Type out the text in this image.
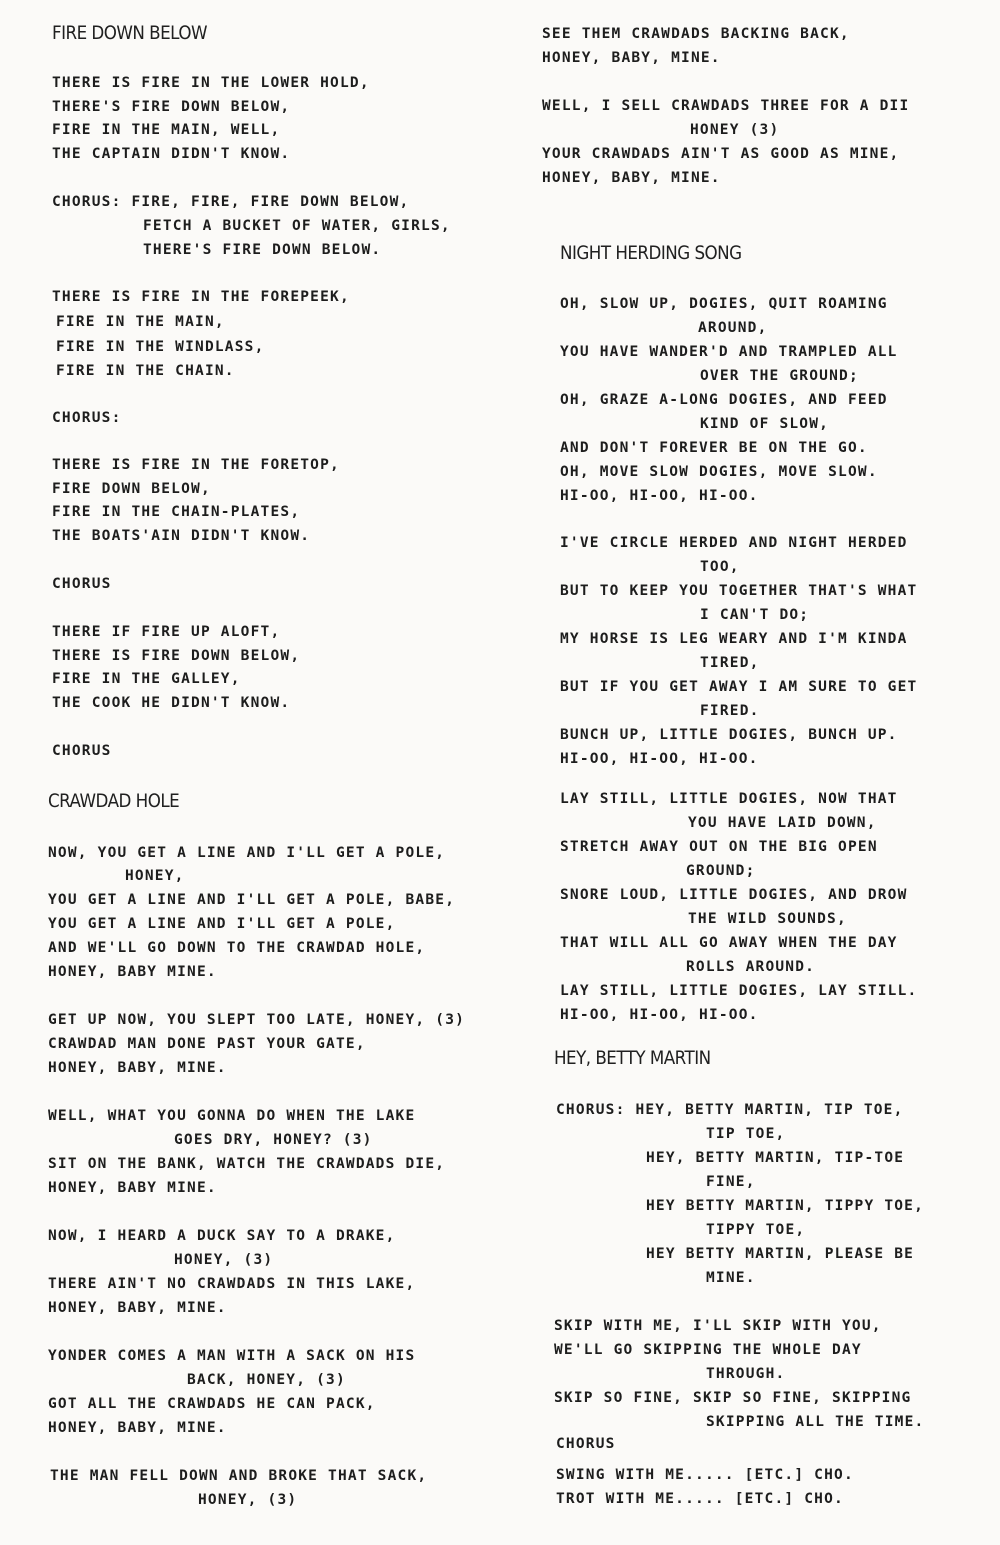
FIRE DOWN BELOW
THERE IS FIRE IN THE LOWER HOLD,
THERE'S FIRE DOWN BELOW,
FIRE IN THE MAIN, WELL,
THE CAPTAIN DIDN'T KNOW.
CHORUS: FIRE, FIRE, FIRE DOWN BELOW,
FETCH A BUCKET OF WATER, GIRLS,
THERE'S FIRE DOWN BELOW.
THERE IS FIRE IN THE FOREPEEK,
FIRE IN THE MAIN,
FIRE IN THE WINDLASS,
FIRE IN THE CHAIN.
CHORUS:
THERE IS FIRE IN THE FORETOP,
FIRE DOWN BELOW,
FIRE IN THE CHAIN-PLATES,
THE BOATS'AIN DIDN'T KNOW.
CHORUS
THERE IF FIRE UP ALOFT,
THERE IS FIRE DOWN BELOW,
FIRE IN THE GALLEY,
THE COOK HE DIDN'T KNOW.
CHORUS
CRAWDAD HOLE
NOW, YOU GET A LINE AND I'LL GET A POLE,
HONEY,
YOU GET A LINE AND I'LL GET A POLE, BABE,
YOU GET A LINE AND I'LL GET A POLE,
AND WE'LL GO DOWN TO THE CRAWDAD HOLE,
HONEY, BABY MINE.
GET UP NOW, YOU SLEPT TOO LATE, HONEY, (3)
CRAWDAD MAN DONE PAST YOUR GATE,
HONEY, BABY, MINE.
WELL, WHAT YOU GONNA DO WHEN THE LAKE
GOES DRY, HONEY? (3)
SIT ON THE BANK, WATCH THE CRAWDADS DIE,
HONEY, BABY MINE.
NOW, I HEARD A DUCK SAY TO A DRAKE,
HONEY, (3)
THERE AIN'T NO CRAWDADS IN THIS LAKE,
HONEY, BABY, MINE.
YONDER COMES A MAN WITH A SACK ON HIS
BACK, HONEY, (3)
GOT ALL THE CRAWDADS HE CAN PACK,
HONEY, BABY, MINE.
THE MAN FELL DOWN AND BROKE THAT SACK,
HONEY, (3)
SEE THEM CRAWDADS BACKING BACK,
HONEY, BABY, MINE.
WELL, I SELL CRAWDADS THREE FOR A DII
HONEY (3)
YOUR CRAWDADS AIN'T AS GOOD AS MINE,
HONEY, BABY, MINE.
NIGHT HERDING SONG
OH, SLOW UP, DOGIES, QUIT ROAMING
AROUND,
YOU HAVE WANDER'D AND TRAMPLED ALL
OVER THE GROUND;
OH, GRAZE A-LONG DOGIES, AND FEED
KIND OF SLOW,
AND DON'T FOREVER BE ON THE GO.
OH, MOVE SLOW DOGIES, MOVE SLOW.
HI-OO, HI-OO, HI-OO.
I'VE CIRCLE HERDED AND NIGHT HERDED
TOO,
BUT TO KEEP YOU TOGETHER THAT'S WHAT
I CAN'T DO;
MY HORSE IS LEG WEARY AND I'M KINDA
TIRED,
BUT IF YOU GET AWAY I AM SURE TO GET
FIRED.
BUNCH UP, LITTLE DOGIES, BUNCH UP.
HI-OO, HI-OO, HI-OO.
LAY STILL, LITTLE DOGIES, NOW THAT
YOU HAVE LAID DOWN,
STRETCH AWAY OUT ON THE BIG OPEN
GROUND;
SNORE LOUD, LITTLE DOGIES, AND DROW
THE WILD SOUNDS,
THAT WILL ALL GO AWAY WHEN THE DAY
ROLLS AROUND.
LAY STILL, LITTLE DOGIES, LAY STILL.
HI-OO, HI-OO, HI-OO.
HEY, BETTY MARTIN
CHORUS: HEY, BETTY MARTIN, TIP TOE,
TIP TOE,
HEY, BETTY MARTIN, TIP-TOE
FINE,
HEY BETTY MARTIN, TIPPY TOE,
TIPPY TOE,
HEY BETTY MARTIN, PLEASE BE
MINE.
SKIP WITH ME, I'LL SKIP WITH YOU,
WE'LL GO SKIPPING THE WHOLE DAY
THROUGH.
SKIP SO FINE, SKIP SO FINE, SKIPPING
SKIPPING ALL THE TIME.
CHORUS
SWING WITH ME..... [ETC.] CHO.
TROT WITH ME..... [ETC.] CHO.
